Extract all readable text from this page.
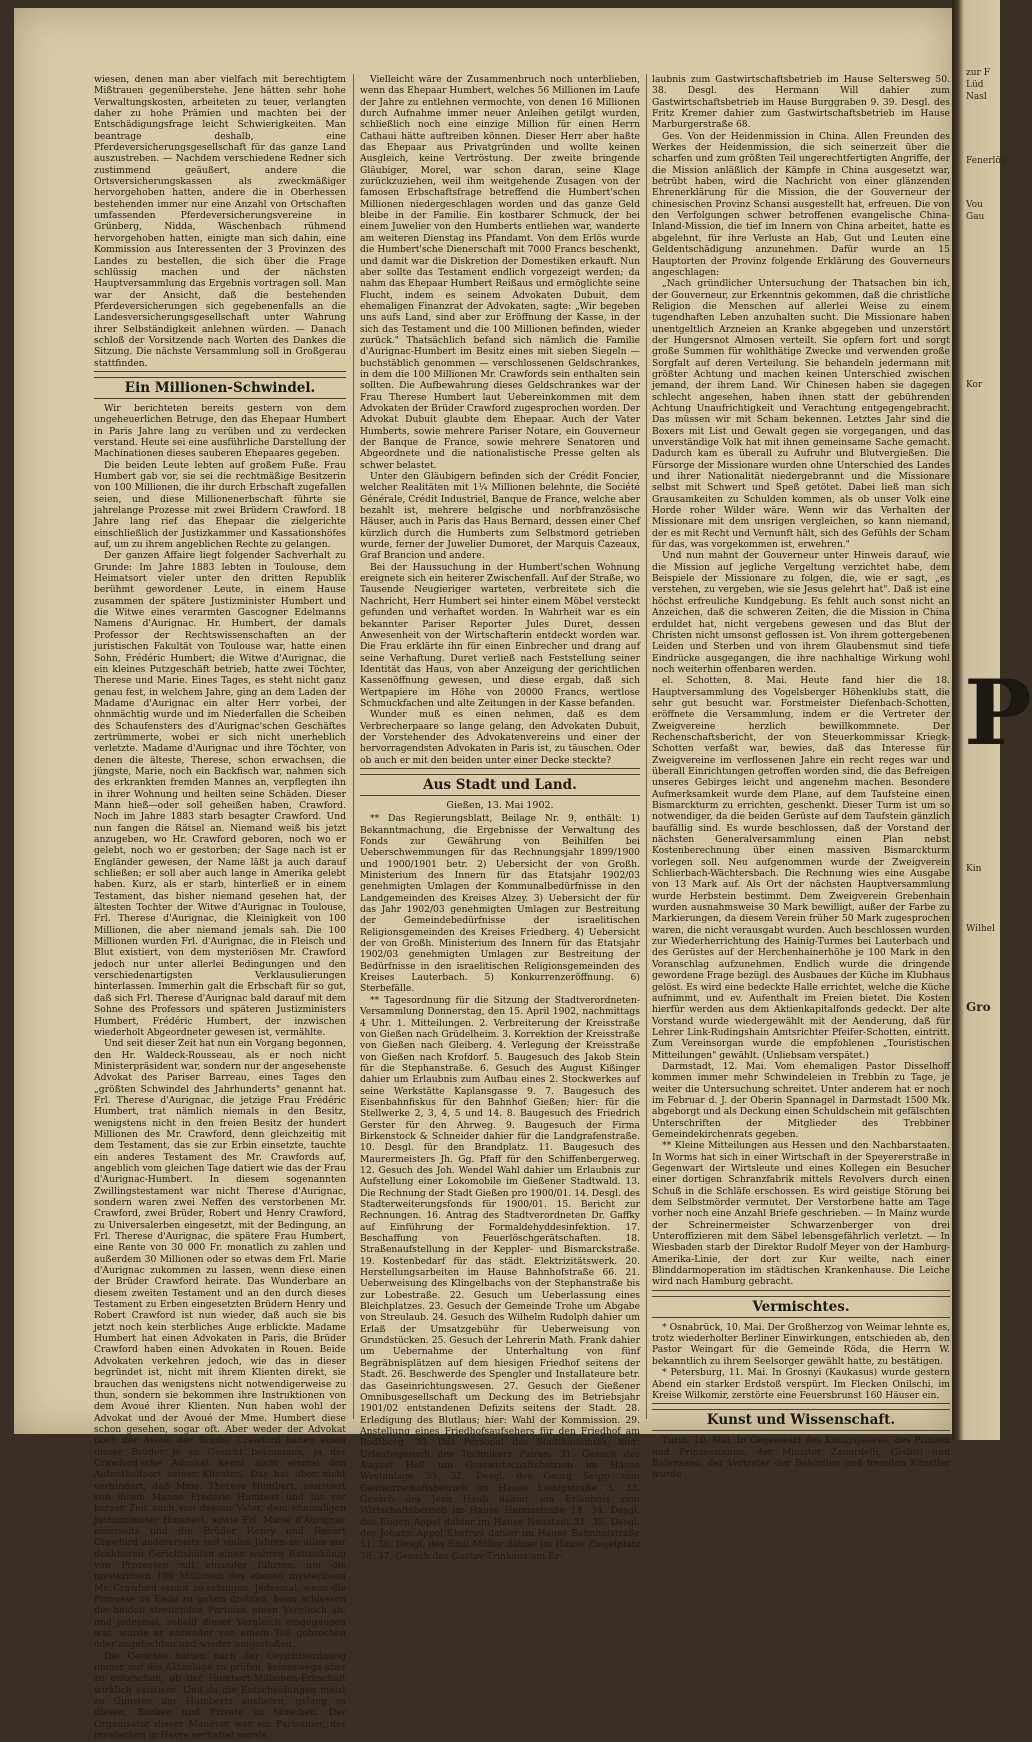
wiesen, denen man aber vielfach mit berechtigtem Mißtrauen gegenüberstehe. Jene hätten sehr hohe Verwaltungskosten, arbeiteten zu teuer, verlangten daher zu hohe Prämien und machten bei der Entschädigungsfrage leicht Schwierigkeiten. Man beantrage deshalb, eine Pferdeversicherungsgesellschaft für das ganze Land auszustreben. — Nachdem verschiedene Redner sich zustimmend geäußert, andere die Ortsversicherungskassen als zweckmäßiger hervorgehoben hatten, andere die in Oberhessen bestehenden immer nur eine Anzahl von Ortschaften umfassenden Pferdeversicherungsvereine in Grünberg, Nidda, Wäschenbach rühmend hervorgehoben hatten, einigte man sich dahin, eine Kommission aus Interessenten der 3 Provinzen des Landes zu bestellen, die sich über die Frage schlüssig machen und der nächsten Hauptversammlung das Ergebnis vortragen soll. Man war der Ansicht, daß die bestehenden Pferdeversicherungen sich gegebenenfalls an die Landesversicherungsgesellschaft unter Wahrung ihrer Selbständigkeit anlehnen würden. — Danach schloß der Vorsitzende nach Worten des Dankes die Sitzung. Die nächste Versammlung soll in Großgerau stattfinden.

Ein Millionen-Schwindel.

Wir berichteten bereits gestern von dem ungeheuerlichen Betruge, den das Ehepaar Humbert in Paris Jahre lang zu verüben und zu verdecken verstand. Heute sei eine ausführliche Darstellung der Machinationen dieses sauberen Ehepaares gegeben.

Die beiden Leute lebten auf großem Fuße. Frau Humbert gab vor, sie sei die rechtmäßige Besitzerin von 100 Millionen, die ihr durch Erbschaft zugefallen seien, und diese Millionenerbschaft führte sie jahrelange Prozesse mit zwei Brüdern Crawford. 18 Jahre lang rief das Ehepaar die zielgerichte einschließlich der Justizkammer und Kassationshöfes auf, um zu ihrem angeblichen Rechte zu gelangen.

Der ganzen Affaire liegt folgender Sachverhalt zu Grunde: Im Jahre 1883 lebten in Toulouse, dem Heimatsort vieler unter den dritten Republik berühmt gewordener Leute, in einem Hause zusammen der spätere Justizminister Humbert und die Witwe eines verarmten Gascogner Edelmanns Namens d'Aurignac. Hr. Humbert, der damals Professor der Rechtswissenschaften an der juristischen Fakultät von Toulouse war, hatte einen Sohn, Frédéric Humbert; die Witwe d'Aurignac, die ein kleines Putzgeschäft betrieb, hatte zwei Töchter, Therese und Marie. Eines Tages, es steht nicht ganz genau fest, in welchem Jahre, ging an dem Laden der Madame d'Aurignac ein alter Herr vorbei, der ohnmächtig wurde und im Niederfallen die Scheiben des Schaufensters des d'Aurignac'schen Geschäftes zertrümmerte, wobei er sich nicht unerheblich verletzte. Madame d'Aurignac und ihre Töchter, von denen die älteste, Therese, schon erwachsen, die jüngste, Marie, noch ein Backfisch war, nahmen sich des erkrankten fremden Mannes an, verpflegten ihn in ihrer Wohnung und heilten seine Schäden. Dieser Mann hieß—oder soll geheißen haben, Crawford. Noch im Jahre 1883 starb besagter Crawford. Und nun fangen die Rätsel an. Niemand weiß bis jetzt anzugeben, wo Hr. Crawford geboren, noch wo er gelebt, noch wo er gestorben; der Sage nach ist er Engländer gewesen, der Name läßt ja auch darauf schließen; er soll aber auch lange in Amerika gelebt haben. Kurz, als er starb, hinterließ er in einem Testament, das bisher niemand gesehen hat, der ältesten Tochter der Witwe d'Aurignac in Toulouse, Frl. Therese d'Aurignac, die Kleinigkeit von 100 Millionen, die aber niemand jemals sah. Die 100 Millionen wurden Frl. d'Aurignac, die in Fleisch und Blut existiert, von dem mysteriösen Mr. Crawford jedoch nur unter allerlei Bedingungen und den verschiedenartigsten Verklausulierungen hinterlassen. Immerhin galt die Erbschaft für so gut, daß sich Frl. Therese d'Aurignac bald darauf mit dem Sohne des Professors und späteren Justizministers Humbert, Frédéric Humbert, der inzwischen wiederholt Abgeordneter gewesen ist, vermählte.

Und seit dieser Zeit hat nun ein Vorgang begonnen, den Hr. Waldeck-Rousseau, als er noch nicht Ministerpräsident war, sondern nur der angesehenste Advokat des Pariser Barreau, eines Tages den „größten Schwindel des Jahrhunderts" genannt hat. Frl. Therese d'Aurignac, die jetzige Frau Frédéric Humbert, trat nämlich niemals in den Besitz, wenigstens nicht in den freien Besitz der hundert Millionen des Mr. Crawford, denn gleichzeitig mit dem Testament, das sie zur Erbin einsetzte, tauchte ein anderes Testament des Mr. Crawfords auf, angeblich vom gleichen Tage datiert wie das der Frau d'Aurignac-Humbert. In diesem sogenannten Zwillingstestament war nicht Therese d'Aurignac, sondern waren zwei Neffen des verstorbenen Mr. Crawford, zwei Brüder, Robert und Henry Crawford, zu Universalerben eingesetzt, mit der Bedingung, an Frl. Therese d'Aurignac, die spätere Frau Humbert, eine Rente von 30 000 Fr. monatlich zu zahlen und außerdem 30 Millionen oder so etwas dem Frl. Marie d'Aurignac zukommen zu lassen, wenn diese einen der Brüder Crawford heirate. Das Wunderbare an diesem zweiten Testament und an den durch dieses Testament zu Erben eingesetzten Brüdern Henry und Robert Crawford ist nun wieder, daß auch sie bis jetzt noch kein sterbliches Auge erblickte. Madame Humbert hat einen Advokaten in Paris, die Brüder Crawford haben einen Advokaten in Rouen. Beide Advokaten verkehren jedoch, wie das in dieser begründet ist, nicht mit ihrem Klienten direkt, sie brauchen das wenigstens nicht notwendigerweise zu thun, sondern sie bekommen ihre Instruktionen von dem Avoué ihrer Klienten. Nun haben wohl der Advokat und der Avoué der Mme. Humbert diese schon gesehen, sogar oft. Aber weder der Advokat noch der Avoué der Brüder Crawford haben einen dieser Brüder je zu Gesicht bekommen, ja der Crawford'sche Advokat kennt nicht einmal den Aufenthaltsort seiner Klienten. Das hat aber nicht verhindert, daß Mme. Therese Humbert, assistiert von ihrem Manne Frédéric Humbert und bis vor kurzer Zeit auch von dessen Vater, dem ehemaligen Justizminister Humbert, sowie Frl. Marie d'Aurignac einerseits und die Brüder Henry und Robert Crawford andererseits seit vielen Jahren an allen nur denkbaren Gerichtshöfen einen wahren Rattenkönig von Prozessen mit einander führten, um die mysteriösen 100 Millionen des ebenso mysteriösen Mr. Crawford senior zu erlangen. Jedesmal, wenn die Prozesse zu Ende zu gehen drohten, bann schlossen die beiden streitenden Parteien einen Vergleich ab, und jedesmal, sobald dieser Vergleich eingegangen war, wurde er entweder von einem Teil gebrochen oder angefochten und wieder umgestoßen.

Die Gerichte hatten nach der Gerichtsordnung immer nur die Aktenlage zu prüfen, keineswegs aber zu erforschen, ob der Humbert-Millionen-Erbschaft wirklich existiere. Und da die Entscheidungen meist zu Gunsten der Humberts ausfielen, gelang es diesen, Banken und Private zu täuschen. Der Organisator dieser Manöver war ein Parisanier, der inzwischen in Havre verhaftet wurde.

Vielleicht wäre der Zusammenbruch noch unterblieben, wenn das Ehepaar Humbert, welches 56 Millionen im Laufe der Jahre zu entlehnen vermochte, von denen 16 Millionen durch Aufnahme immer neuer Anleihen getilgt wurden, schließlich noch eine einzige Million für einen Herrn Cathaui hätte auftreiben können. Dieser Herr aber haßte das Ehepaar aus Privatgründen und wollte keinen Ausgleich, keine Vertröstung. Der zweite bringende Gläubiger, Morel, war schon daran, seine Klage zurückzuziehen, weil ihm weitgehende Zusagen von der famosen Erbschaftsfrage betreffend die Humbert'schen Millionen niedergeschlagen worden und das ganze Geld bleibe in der Familie. Ein kostbarer Schmuck, der bei einem Juwelier von den Humberts entliehen war, wanderte am weiteren Dienstag ins Pfandamt. Von dem Erlös wurde die Humbert'sche Dienerschaft mit 7000 Francs beschenkt, und damit war die Diskretion der Domestiken erkauft. Nun aber sollte das Testament endlich vorgezeigt werden; da nahm das Ehepaar Humbert Reißaus und ermöglichte seine Flucht, indem es seinem Advokaten Dubuit, dem ehemaligen Finanzrat der Advokaten, sagte: „Wir begeben uns aufs Land, sind aber zur Eröffnung der Kasse, in der sich das Testament und die 100 Millionen befinden, wieder zurück." Thatsächlich befand sich nämlich die Familie d'Aurignac-Humbert im Besitz eines mit sieben Siegeln — buchstäblich genommen — verschlossenen Geldschrankes, in dem die 100 Millionen Mr. Crawfords sein enthalten sein sollten. Die Aufbewahrung dieses Geldschrankes war der Frau Therese Humbert laut Uebereinkommen mit dem Advokaten der Brüder Crawford zugesprochen worden. Der Advokat Dubuit glaubte dem Ehepaar. Auch der Vater Humberts, sowie mehrere Pariser Notare, ein Gouverneur der Banque de France, sowie mehrere Senatoren und Abgeordnete und die nationalistische Presse gelten als schwer belastet.

Unter den Gläubigern befinden sich der Crédit Foncier, welcher Realitäten mit 1¼ Millionen belehnte, die Société Générale, Crédit Industriel, Banque de France, welche aber bezahlt ist, mehrere belgische und norbfranzösische Häuser, auch in Paris das Haus Bernard, dessen einer Chef kürzlich durch die Humberts zum Selbstmord getrieben wurde, ferner der Juwelier Dumoret, der Marquis Cazeaux, Graf Brancion und andere.

Bei der Haussuchung in der Humbert'schen Wohnung ereignete sich ein heiterer Zwischenfall. Auf der Straße, wo Tausende Neugieriger warteten, verbreitete sich die Nachricht, Herr Humbert sei hinter einem Möbel versteckt gefunden und verhaftet worden. In Wahrheit war es ein bekannter Pariser Reporter Jules Duret, dessen Anwesenheit von der Wirtschafterin entdeckt worden war. Die Frau erklärte ihn für einen Einbrecher und drang auf seine Verhaftung. Duret verließ nach Feststellung seiner Identität das Haus, von aber Anzeigung der gerichtlichen Kassenöffnung gewesen, und diese ergab, daß sich Wertpapiere im Höhe von 20000 Francs, wertlose Schmuckfachen und alte Zeitungen in der Kasse befanden.

Wunder muß es einen nehmen, daß es dem Verbrecherpaare so lange gelang, den Advokaten Dubuit, der Vorstehender des Advokatenvereins und einer der hervorragendsten Advokaten in Paris ist, zu täuschen. Oder ob auch er mit den beiden unter einer Decke steckte?

Aus Stadt und Land.
Gießen, 13. Mai 1902.

** Das Regierungsblatt, Beilage Nr. 9, enthält: 1) Bekanntmachung, die Ergebnisse der Verwaltung des Fonds zur Gewährung von Beihilfen bei Ueberschwemmungen für das Rechnungsjahr 1899/1900 und 1900/1901 betr. 2) Uebersicht der von Großh. Ministerium des Innern für das Etatsjahr 1902/03 genehmigten Umlagen der Kommunalbedürfnisse in den Landgemeinden des Kreises Alzey. 3) Uebersicht der für das Jahr 1902/03 genehmigten Umlagen zur Bestreitung der Gemeindebedürfnisse der israelitischen Religionsgemeinden des Kreises Friedberg. 4) Uebersicht der von Großh. Ministerium des Innern für das Etatsjahr 1902/03 genehmigten Umlagen zur Bestreitung der Bedürfnisse in den israelitischen Religionsgemeinden des Kreises Lauterbach. 5) Konkurrenzeröffnung. 6) Sterbefälle.

** Tagesordnung für die Sitzung der Stadtverordneten-Versammlung Donnerstag, den 15. April 1902, nachmittags 4 Uhr. 1. Mitteilungen. 2. Verbreiterung der Kreisstraße von Gießen nach Grüdelheim. 3. Korrektion der Kreisstraße von Gießen nach Gleiberg. 4. Verlegung der Kreisstraße von Gießen nach Krofdorf. 5. Baugesuch des Jakob Stein für die Stephanstraße. 6. Gesuch des August Kißinger dahier um Erlaubnis zum Aufbau eines 2. Stockwerkes auf seine Werkstätte Kaplansgasse 9. 7. Baugesuch des Eisenbahnfiskus für den Bahnhof Gießen; hier: für die Stellwerke 2, 3, 4, 5 und 14. 8. Baugesuch des Friedrich Gerster für den Ahrweg. 9. Baugesuch der Firma Birkenstock & Schneider dahier für die Landgrafenstraße. 10. Desgl. für den Brandplatz. 11. Baugesuch des Maurermeisters Jh. Gg. Pfaff für den Schiffenbergerweg. 12. Gesuch des Joh. Wendel Wahl dahier um Erlaubnis zur Aufstellung einer Lokomobile im Gießener Stadtwald. 13. Die Rechnung der Stadt Gießen pro 1900/01. 14. Desgl. des Stadterweiterungsfonds für 1900/01. 15. Bericht zur Rechnungen. 16. Antrag des Stadtverordneten Dr. Gaffky auf Einführung der Formaldehyddesinfektion. 17. Beschaffung von Feuerlöschgerätschaften. 18. Straßenaufstellung in der Keppler- und Bismarckstraße. 19. Kostenbedarf für das städt. Elektrizitätswerk. 20. Herstellungsarbeiten im Hause Bahnhofstraße 66. 21. Ueberweisung des Klingelbachs von der Stephanstraße bis zur Lobestraße. 22. Gesuch um Ueberlassung eines Bleichplatzes. 23. Gesuch der Gemeinde Trohe um Abgabe von Streulaub. 24. Gesuch des Wilhelm Rudolph dahier um Erlaß der Umsatzgebühr für Ueberweisung von Grundstücken. 25. Gesuch der Lehrerin Math. Frank dahier um Uebernahme der Unterhaltung von fünf Begräbnisplätzen auf dem hiesigen Friedhof seitens der Stadt. 26. Beschwerde des Spengler und Installateure betr. das Gaseinrichtungswesen. 27. Gesuch der Gießener Omnibusgesellschaft um Deckung des im Betriebsjahr 1901/02 entstandenen Defizits seitens der Stadt. 28. Erledigung des Blutlaus; hier: Wahl der Kommission. 29. Anstellung eines Friedhofsaufsehers für den Friedhof am Rodtberg. 30. Das Personal des Stadtbauamtes; hier: Urlaubsgesuch des Technikers Pairan. 31. Gesuch des August Hell um Gastwirtschaftsbetrieb im Hause Westanlage 39. 32. Desgl. des Georg Seipp zum Gastwirtschaftsbetrieb im Hause Liebigstraße 3. 33. Gesuch des Jean Hauß dahier um Erlaubnis zum Wirtschaftsbetrieb im Hause Hammstraße 14. 34. Desgl. des Eugen Appel dahier im Hause Neustadt 31. 35. Desgl. des Johann Appel Ehefrau dahier im Hause Bahnhofstraße 51. 36. Desgl. des Emil Müller dahier im Hause Ziegelplatz 38. 37. Gesuch des Gustav Trinkaus um Er-

laubnis zum Gastwirtschaftsbetrieb im Hause Seltersweg 50. 38. Desgl. des Hermann Will dahier zum Gastwirtschaftsbetrieb im Hause Burggraben 9. 39. Desgl. des Fritz Kremer dahier zum Gastwirtschaftsbetrieb im Hause Marburgerstraße 68.

Ges. Von der Heidenmission in China. Allen Freunden des Werkes der Heidenmission, die sich seinerzeit über die scharfen und zum größten Teil ungerechtfertigten Angriffe, der die Mission anläßlich der Kämpfe in China ausgesetzt war, betrübt haben, wird die Nachricht von einer glänzenden Ehrenerklärung für die Mission, die der Gouverneur der chinesischen Provinz Schansi ausgestellt hat, erfreuen. Die von den Verfolgungen schwer betroffenen evangelische China-Inland-Mission, die tief im Innern von China arbeitet, hatte es abgelehnt, für ihre Verluste an Hab, Gut und Leuten eine Geldentschädigung anzunehmen. Dafür wurde an 15 Hauptorten der Provinz folgende Erklärung des Gouverneurs angeschlagen:

„Nach gründlicher Untersuchung der Thatsachen bin ich, der Gouverneur, zur Erkenntnis gekommen, daß die christliche Religion die Menschen auf allerlei Weise zu einem tugendhaften Leben anzuhalten sucht. Die Missionare haben unentgeltlich Arzneien an Kranke abgegeben und unzerstört der Hungersnot Almosen verteilt. Sie opfern fort und sorgt große Summen für wohlthätige Zwecke und verwenden große Sorgfalt auf deren Verteilung. Sie behandeln jedermann mit größter Achtung und machen keinen Unterschied zwischen jemand, der ihrem Land. Wir Chinesen haben sie dagegen schlecht angesehen, haben ihnen statt der gebührenden Achtung Unaufrichtigkeit und Verachtung entgegengebracht. Das müssen wir mit Scham bekennen. Letztes Jahr sind die Boxers mit List und Gewalt gegen sie vorgegangen, und das unverständige Volk hat mit ihnen gemeinsame Sache gemacht. Dadurch kam es überall zu Aufruhr und Blutvergießen. Die Fürsorge der Missionare wurden ohne Unterschied des Landes und ihrer Nationalität niedergebrannt und die Missionare selbst mit Schwert und Speß getötet. Dabei ließ man sich Grausamkeiten zu Schulden kommen, als ob unser Volk eine Horde roher Wilder wäre. Wenn wir das Verhalten der Missionare mit dem unsrigen vergleichen, so kann niemand, der es mit Recht und Vernunft hält, sich des Gefühls der Scham für das, was vorgekommen ist, erwehren."

Und nun mahnt der Gouverneur unter Hinweis darauf, wie die Mission auf jegliche Vergeltung verzichtet habe, dem Beispiele der Missionare zu folgen, die, wie er sagt, „es verstehen, zu vergeben, wie sie Jesus gelehrt hat". Daß ist eine höchst erfreuliche Kundgebung. Es fehlt auch sonst nicht an Anzeichen, daß die schweren Zeiten, die die Mission in China erduldet hat, nicht vergebens gewesen und das Blut der Christen nicht umsonst geflossen ist. Von ihrem gottergebenen Leiden und Sterben und von ihrem Glaubensmut sind tiefe Eindrücke ausgegangen, die ihre nachhaltige Wirkung wohl noch weiterhin offenbaren werden.

el. Schotten, 8. Mai. Heute fand hier die 18. Hauptversammlung des Vogelsberger Höhenklubs statt, die sehr gut besucht war. Forstmeister Diefenbach-Schotten, eröffnete die Versammlung, indem er die Vertreter der Zweigvereine herzlich bewillkommnete. Der Rechenschaftsbericht, der von Steuerkommissar Kriegk-Schotten verfaßt war, bewies, daß das Interesse für Zweigvereine im verflossenen Jahre ein recht reges war und überall Einrichtungen getroffen worden sind, die das Befreigen unseres Gebirges leicht und angenehm machen. Besondere Aufmerksamkeit wurde dem Plane, auf dem Taufsteine einen Bismarckturm zu errichten, geschenkt. Dieser Turm ist um so notwendiger, da die beiden Gerüste auf dem Taufstein gänzlich baufällig sind. Es wurde beschlossen, daß der Vorstand der nächsten Generalversammlung einen Plan nebst Kostenberechnung über einen massiven Bismarckturm vorlegen soll. Neu aufgenommen wurde der Zweigverein Schlierbach-Wächtersbach. Die Rechnung wies eine Ausgabe von 13 Mark auf. Als Ort der nächsten Hauptversammlung wurde Herbstein bestimmt. Dem Zweigverein Grebenhain wurden ausnahmsweise 30 Mark bewilligt, außer der Farbe zu Markierungen, da diesem Verein früher 50 Mark zugesprochen waren, die nicht verausgabt wurden. Auch beschlossen wurden zur Wiederherrichtung des Hainig-Turmes bei Lauterbach und des Gerüstes auf der Herchenhainerhöhe je 100 Mark in den Voranschlag aufzunehmen. Endlich wurde die dringende gewordene Frage bezügl. des Ausbaues der Küche im Klubhaus gelöst. Es wird eine bedeckte Halle errichtet, welche die Küche aufnimmt, und ev. Aufenthalt im Freien bietet. Die Kosten hierfür werden aus dem Aktienkapitalfonds gedeckt. Der alte Vorstand wurde wiedergewählt mit der Aenderung, daß für Lehrer Link-Rudingshain Amtsrichter Pfeifer-Schotten, eintritt. Zum Vereinsorgan wurde die empfohlenen „Touristischen Mitteilungen" gewählt. (Unliebsam verspätet.)

Darmstadt, 12. Mai. Vom ehemaligen Pastor Disselhoff kommen immer mehr Schwindeleien in Trebbin zu Tage, je weiter die Untersuchung schreitet. Unter anderem hat er noch im Februar d. J. der Oberin Spannagel in Darmstadt 1500 Mk. abgeborgt und als Deckung einen Schuldschein mit gefälschten Unterschriften der Mitglieder des Trebbiner Gemeindekirchenrats gegeben.

** Kleine Mitteilungen aus Hessen und den Nachbarstaaten. In Worms hat sich in einer Wirtschaft in der Speyererstraße in Gegenwart der Wirtsleute und eines Kollegen ein Besucher einer dortigen Schranzfabrik mittels Revolvers durch einen Schuß in die Schläfe erschossen. Es wird geistige Störung bei dem Selbstmörder vermutet. Der Verstorbene hatte am Tage vorher noch eine Anzahl Briefe geschrieben. — In Mainz wurde der Schreinermeister Schwarzenberger von drei Unteroffizieren mit dem Säbel lebensgefährlich verletzt. — In Wiesbaden starb der Direktor Rudolf Meyer von der Hamburg-Amerika-Linie, der dort zur Kur weilte, nach einer Blinddarmoperation im städtischen Krankenhause. Die Leiche wird nach Hamburg gebracht.

Vermischtes.

* Osnabrück, 10. Mai. Der Großherzog von Weimar lehnte es, trotz wiederholter Berliner Einwirkungen, entschieden ab, den Pastor Weingart für die Gemeinde Röda, die Herrn W. bekanntlich zu ihrem Seelsorger gewählt hatte, zu bestätigen.

* Petersburg, 11. Mai. In Grosnyi (Kaukasus) wurde gestern Abend ein starker Erdstoß verspürt. Im Flecken Onilschi, im Kreise Wilkomir, zerstörte eine Feuersbrunst 160 Häuser ein.

Kunst und Wissenschaft.

Turin, 10. Mai. In Gegenwart des Königspaares, des Prinzen und Prinzessinnen, der Minister Zanardelli, Giolitti und Balenzano, der Vertreter der Behörden und fremden Künstler wurde

zur F
Lüd
Nasl
Fenerlös
Vou
Gau
Kor
Kin
Wilhel
Gro
P
